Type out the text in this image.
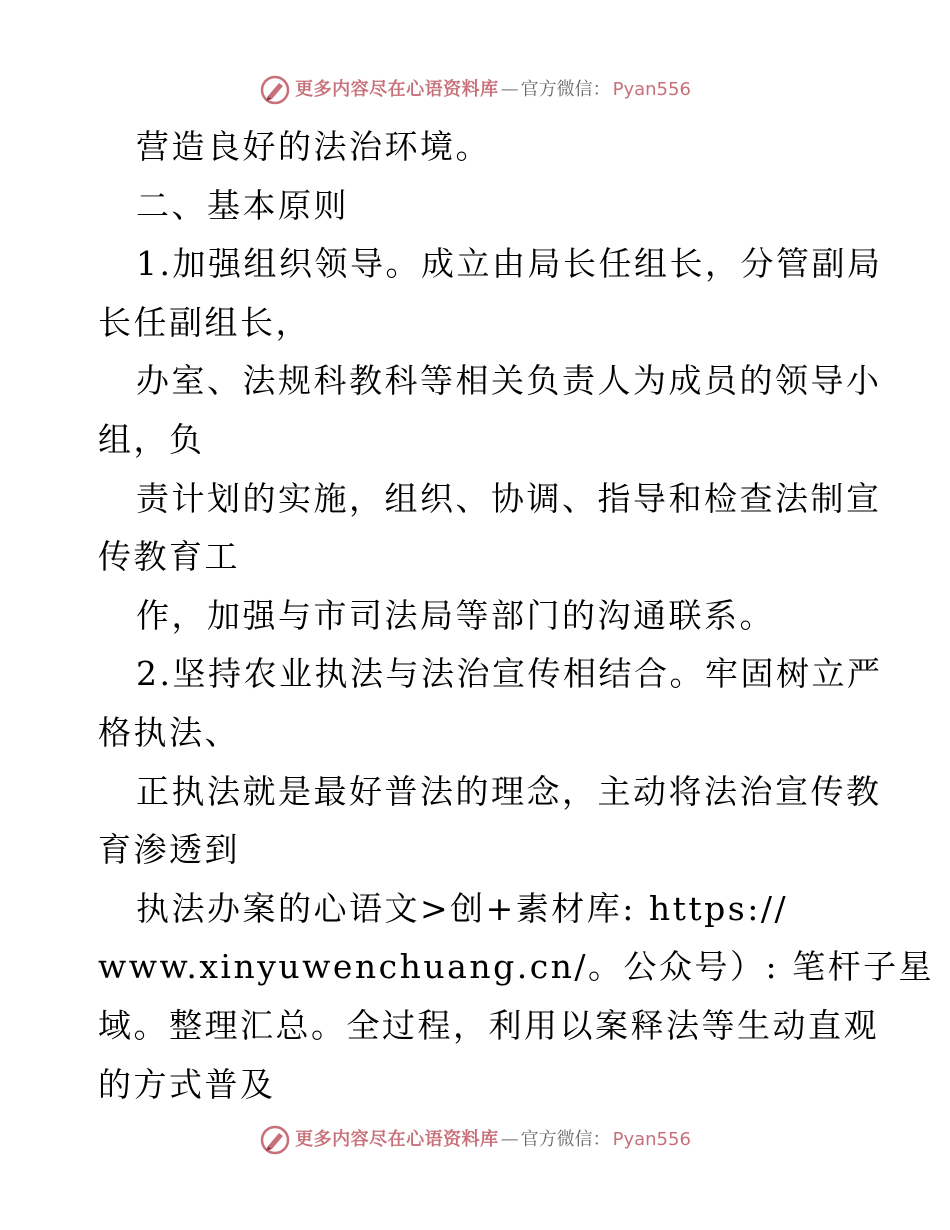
更多内容尽在心语资料库 — 官方微信： Pyan556
营造良好的法治环境。
二、基本原则
1.加强组织领导。成立由局长任组长，分管副局
长任副组长，
办室、法规科教科等相关负责人为成员的领导小
组，负
责计划的实施，组织、协调、指导和检查法制宣
传教育工
作，加强与市司法局等部门的沟通联系。
2.坚持农业执法与法治宣传相结合。牢固树立严
格执法、
正执法就是最好普法的理念，主动将法治宣传教
育渗透到
执法办案的心语文>创+素材库: https://
www.xinyuwenchuang.cn/。公众号）: 笔杆子星
域。整理汇总。全过程，利用以案释法等生动直观
的方式普及
更多内容尽在心语资料库 — 官方微信： Pyan556
